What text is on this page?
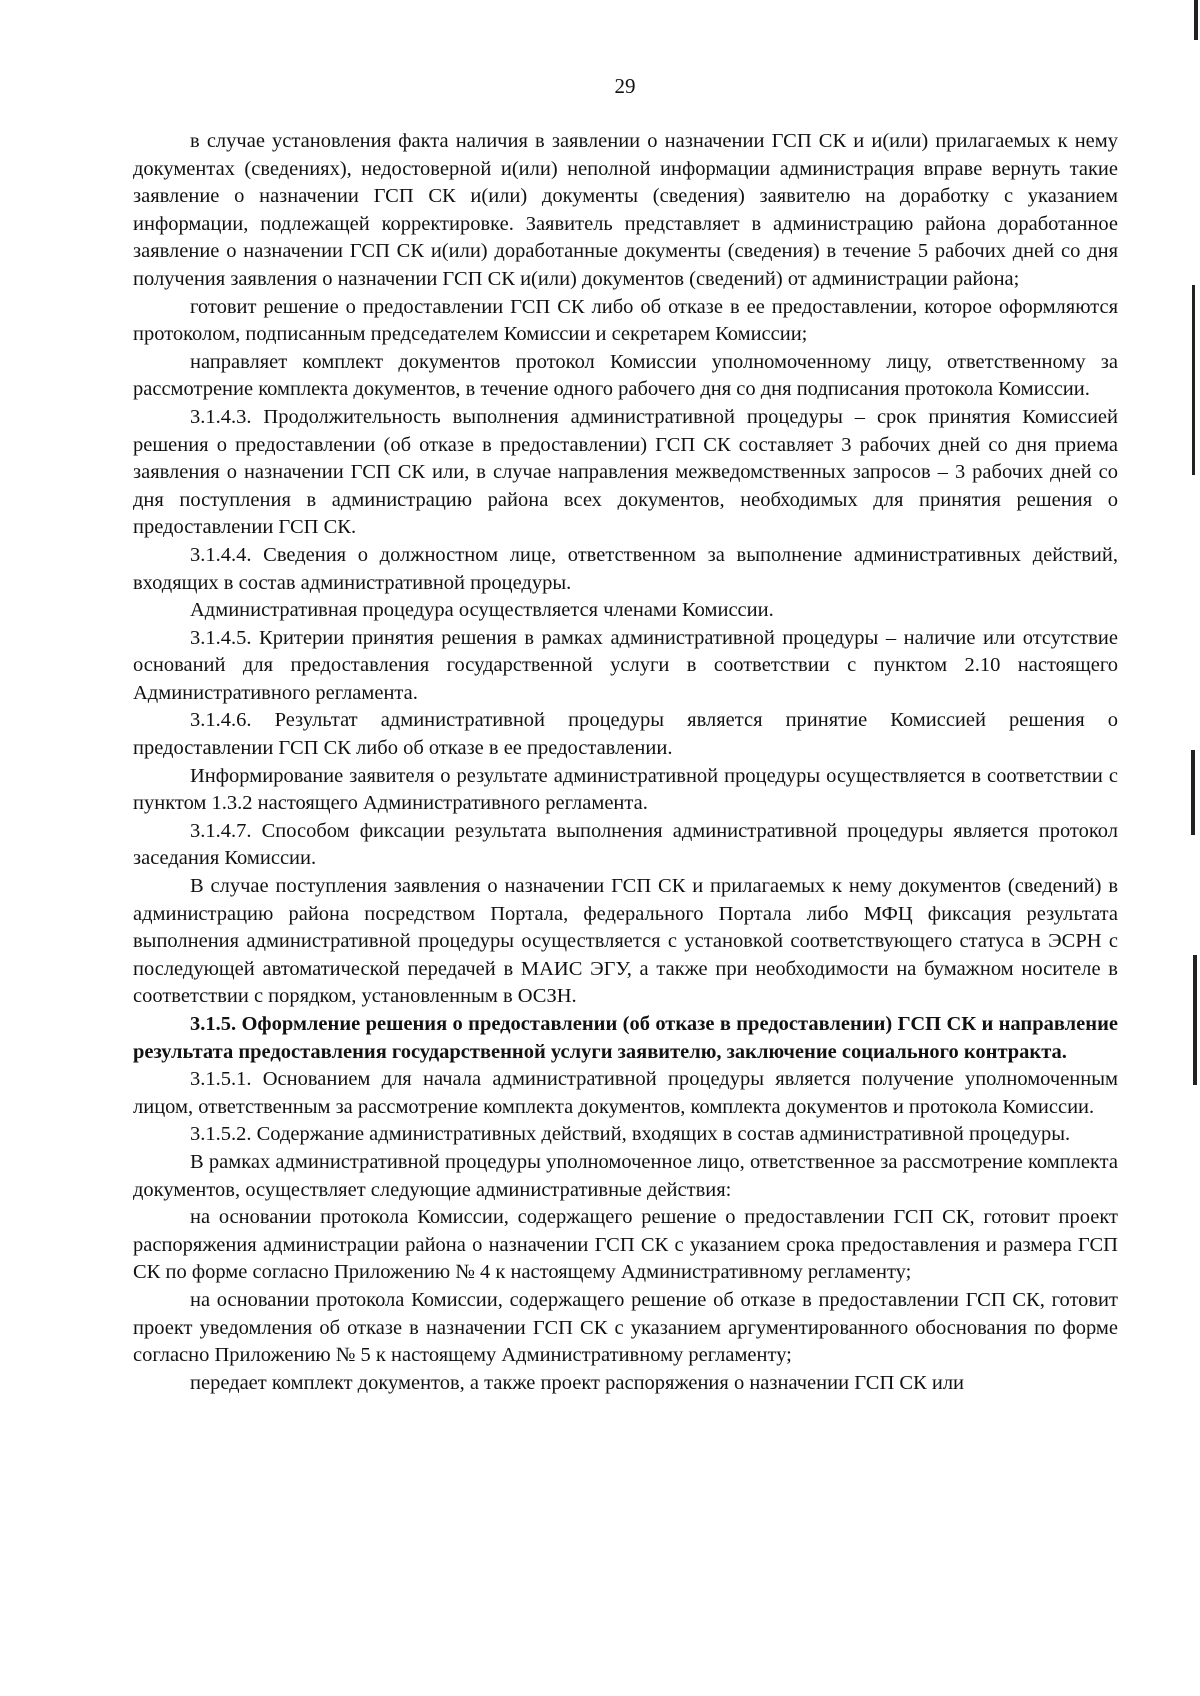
29

в случае установления факта наличия в заявлении о назначении ГСП СК и и(или) прилагаемых к нему документах (сведениях), недостоверной и(или) неполной информации администрация вправе вернуть такие заявление о назначении ГСП СК и(или) документы (сведения) заявителю на доработку с указанием информации, подлежащей корректировке. Заявитель представляет в администрацию района доработанное заявление о назначении ГСП СК и(или) доработанные документы (сведения) в течение 5 рабочих дней со дня получения заявления о назначении ГСП СК и(или) документов (сведений) от администрации района;

готовит решение о предоставлении ГСП СК либо об отказе в ее предоставлении, которое оформляются протоколом, подписанным председателем Комиссии и секретарем Комиссии;

направляет комплект документов протокол Комиссии уполномоченному лицу, ответственному за рассмотрение комплекта документов, в течение одного рабочего дня со дня подписания протокола Комиссии.

3.1.4.3. Продолжительность выполнения административной процедуры – срок принятия Комиссией решения о предоставлении (об отказе в предоставлении) ГСП СК составляет 3 рабочих дней со дня приема заявления о назначении ГСП СК или, в случае направления межведомственных запросов – 3 рабочих дней со дня поступления в администрацию района всех документов, необходимых для принятия решения о предоставлении ГСП СК.

3.1.4.4. Сведения о должностном лице, ответственном за выполнение административных действий, входящих в состав административной процедуры.

Административная процедура осуществляется членами Комиссии.

3.1.4.5. Критерии принятия решения в рамках административной процедуры – наличие или отсутствие оснований для предоставления государственной услуги в соответствии с пунктом 2.10 настоящего Административного регламента.

3.1.4.6. Результат административной процедуры является принятие Комиссией решения о предоставлении ГСП СК либо об отказе в ее предоставлении.

Информирование заявителя о результате административной процедуры осуществляется в соответствии с пунктом 1.3.2 настоящего Административного регламента.

3.1.4.7. Способом фиксации результата выполнения административной процедуры является протокол заседания Комиссии.

В случае поступления заявления о назначении ГСП СК и прилагаемых к нему документов (сведений) в администрацию района посредством Портала, федерального Портала либо МФЦ фиксация результата выполнения административной процедуры осуществляется с установкой соответствующего статуса в ЭСРН с последующей автоматической передачей в МАИС ЭГУ, а также при необходимости на бумажном носителе в соответствии с порядком, установленным в ОСЗН.

3.1.5. Оформление решения о предоставлении (об отказе в предоставлении) ГСП СК и направление результата предоставления государственной услуги заявителю, заключение социального контракта.

3.1.5.1. Основанием для начала административной процедуры является получение уполномоченным лицом, ответственным за рассмотрение комплекта документов, комплекта документов и протокола Комиссии.

3.1.5.2. Содержание административных действий, входящих в состав административной процедуры.

В рамках административной процедуры уполномоченное лицо, ответственное за рассмотрение комплекта документов, осуществляет следующие административные действия:

на основании протокола Комиссии, содержащего решение о предоставлении ГСП СК, готовит проект распоряжения администрации района о назначении ГСП СК с указанием срока предоставления и размера ГСП СК по форме согласно Приложению № 4 к настоящему Административному регламенту;

на основании протокола Комиссии, содержащего решение об отказе в предоставлении ГСП СК, готовит проект уведомления об отказе в назначении ГСП СК с указанием аргументированного обоснования по форме согласно Приложению № 5 к настоящему Административному регламенту;

передает комплект документов, а также проект распоряжения о назначении ГСП СК или
